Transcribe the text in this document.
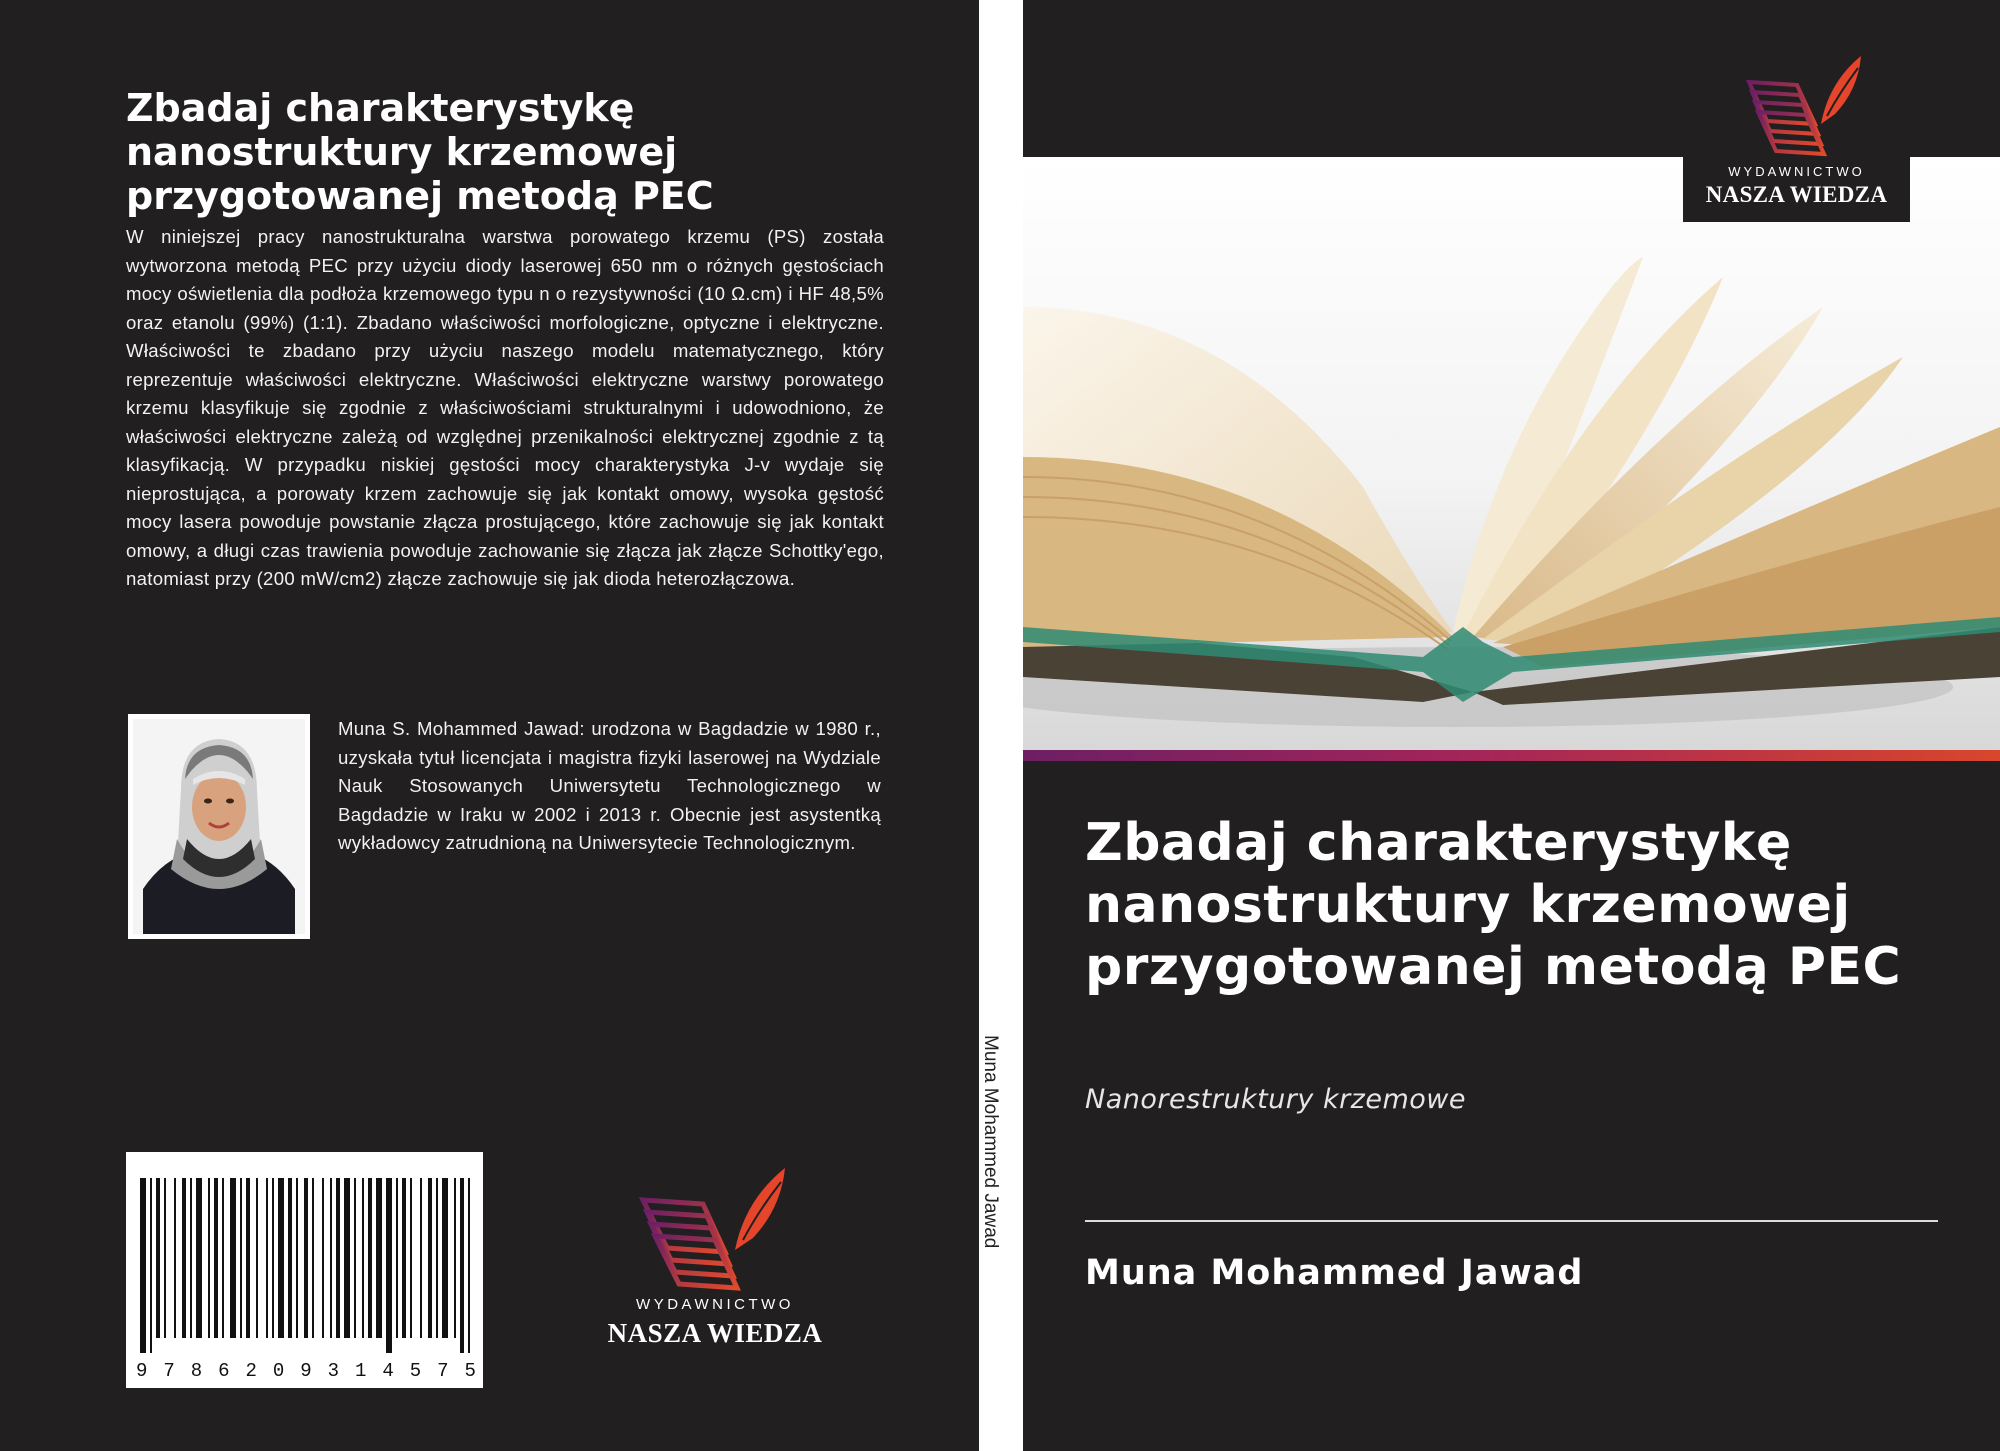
Zbadaj charakterystykę nanostruktury krzemowej przygotowanej metodą PEC

W niniejszej pracy nanostrukturalna warstwa porowatego krzemu (PS) została wytworzona metodą PEC przy użyciu diody laserowej 650 nm o różnych gęstościach mocy oświetlenia dla podłoża krzemowego typu n o rezystywności (10 Ω.cm) i HF 48,5% oraz etanolu (99%) (1:1). Zbadano właściwości morfologiczne, optyczne i elektryczne. Właściwości te zbadano przy użyciu naszego modelu matematycznego, który reprezentuje właściwości elektryczne. Właściwości elektryczne warstwy porowatego krzemu klasyfikuje się zgodnie z właściwościami strukturalnymi i udowodniono, że właściwości elektryczne zależą od względnej przenikalności elektrycznej zgodnie z tą klasyfikacją. W przypadku niskiej gęstości mocy charakterystyka J-v wydaje się nieprostująca, a porowaty krzem zachowuje się jak kontakt omowy, wysoka gęstość mocy lasera powoduje powstanie złącza prostującego, które zachowuje się jak kontakt omowy, a długi czas trawienia powoduje zachowanie się złącza jak złącze Schottky'ego, natomiast przy (200 mW/cm2) złącze zachowuje się jak dioda heterozłączowa.

Muna S. Mohammed Jawad: urodzona w Bagdadzie w 1980 r., uzyskała tytuł licencjata i magistra fizyki laserowej na Wydziale Nauk Stosowanych Uniwersytetu Technologicznego w Bagdadzie w Iraku w 2002 i 2013 r. Obecnie jest asystentką wykładowcy zatrudnioną na Uniwersytecie Technologicznym.

9 7 8 6 2 0 9 3 1 4 5 7 5
WYDAWNICTWO
NASZA WIEDZA
Muna Mohammed Jawad
WYDAWNICTWO
NASZA WIEDZA
Zbadaj charakterystykę nanostruktury krzemowej przygotowanej metodą PEC

Nanorestruktury krzemowe

Muna Mohammed Jawad
